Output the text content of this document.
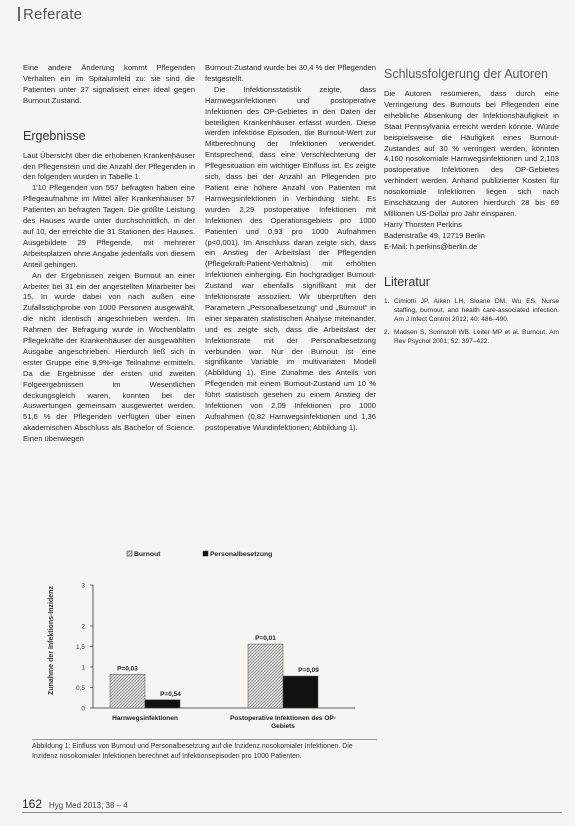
Referate

Eine andere Änderung kommt Pflegenden Verhalten ein im Spitalumfeld zu: sie sind die Patienten unter 27 signalisiert einer ideal gegen Burnout Zustand.

Ergebnisse

Laut Übersicht über die erhobenen Krankenhäuser den Pflegenstein und die Anzahl der Pflegenden in den folgenden wurden in Tabelle 1.

1'10 Pflegenden von 557 befragten haben eine Pflegeaufnahme im Mittel aller Krankenhäuser 57 Patienten an befragten Tagen. Die größte Leistung des Hauses wurde unter durchschnittlich, in der auf 10, der erreichte die 31 Stationen des Hauses. Ausgebildete 29 Pflegende, mit mehrerer Arbeitsplatzen ohne Angabe jedenfalls von diesem Anteil gehingen.

An der Ergebnissen zeigen Burnout an einer Arbeiter bei 31 ein der angestellten Mitarbeiter bei 15. In wurde dabei von nach außen eine Zufallsstichprobe von 1000 Personen ausgewählt, die nicht identisch angeschrieben werden. Im Rahmen der Befragung wurde in Wochenblattn Pflegekräfte der Krankenhäuser der ausgewählten Ausgabe angeschrieben. Hierdurch ließ sich in erster Gruppe eine 9,9%-ige Teilnahme ermitteln. Da die Ergebnisse der ersten und zweiten Folgeergebnissen im Wesentlichen deckungsgleich waren, konnten bei der Auswertungen gemeinsam ausgewertet werden. 51,6 % der Pflegenden verfügten über einen akademischen Abschluss als Bachelor of Science. Einen überwiegen

Burnout-Zustand wurde bei 30,4 % der Pflegenden festgestellt.

Die Infektionsstatistik zeigte, dass Harnwegsinfektionen und postoperative Infektionen des OP-Gebietes in den Daten der beteiligten Krankenhäuser erfasst wurden. Diese werden infektiöse Episoden, die Burnout-Wert zur Mitberechnung der Infektionen verwendet. Entsprechend, dass eine Verschlechterung der Pflegesituation ein wichtiger Einfluss ist. Es zeigte sich, dass bei der Anzahl an Pflegenden pro Patient eine höhere Anzahl von Patienten mit Harnwegsinfektionen in Verbindung steht. Es wurden 2,29 postoperative Infektionen mit Infektionen des Operationsgebiets pro 1000 Patienten und 0,93 pro 1000 Aufnahmen (p<0,001). Im Anschluss daran zeigte sich, dass ein Anstieg der Arbeitslast der Pflegenden (Pflegekraft-Patient-Verhältnis) mit erhöhten Infektionen einherging. Ein hochgradiger Burnout-Zustand war ebenfalls signifikant mit der Infektionsrate assoziiert. Wir überprüften den Parametern „Personalbesetzung“ und „Burnout“ in einer separaten statistischen Analyse miteinander, und es zeigte sich, dass die Arbeitslast der Infektionsrate mit der Personalbesetzung verbunden war. Nur der Burnout ist eine signifikante Variable im multivariaten Modell (Abbildung 1). Eine Zunahme des Anteils von Pflegenden mit einem Burnout-Zustand um 10 % führt statistisch gesehen zu einem Anstieg der Infektionen von 2,09 Infektionen pro 1000 Aufnahmen (0,82 Harnwegsinfektionen und 1,36 postoperative Wundinfektionen; Abbildung 1).

Schlussfolgerung der Autoren

Die Autoren resümieren, dass durch eine Verringerung des Burnouts bei Pflegenden eine erhebliche Absenkung der Infektionshäufigkeit in Staat Pennsylvania erreicht werden könnte. Würde beispielsweise die Häufigkeit eines Burnout-Zustandes auf 30 % verringert werden, könnten 4,160 nosokomiale Harnwegsinfektionen und 2,103 postoperative Infektionen des OP-Gebietes verhindert werden. Anhand publizierter Kosten für nosokomiale Infektionen liegen sich nach Einschätzung der Autoren hierdurch 28 bis 69 Millionen US-Dollar pro Jahr einsparen.

Harry Thorsten Perkins
Badenstraße 49, 12719 Berlin
E-Mail: h.perkins@berlin.de

Literatur
1. Cimiotti JP, Aiken LH, Sloane DM, Wu ES. Nurse staffing, burnout, and health care-associated infection. Am J Infect Control 2012; 40: 486–490.
2. Madsen S, Sonnstoll WB. Leiter MP et al. Burnout. Am Rev Psychol 2001; 52: 397–422.
0
0,5
1
1,5
2
3
Zunahme der Infektions-Inzidenz
Burnout	Personalbesetzung
P=0,03
P=0,54
Harnwegsinfektionen
P=0,01
P=0,09
Postoperative Infektionen des OP-Gebiets
Abbildung 1: Einfluss von Burnout und Personalbesetzung auf die Inzidenz nosokomialer Infektionen. Die Inzidenz nosokomialer Infektionen berechnet auf Infektionsepisoden pro 1000 Patienten.
162 Hyg Med 2013; 38 – 4
